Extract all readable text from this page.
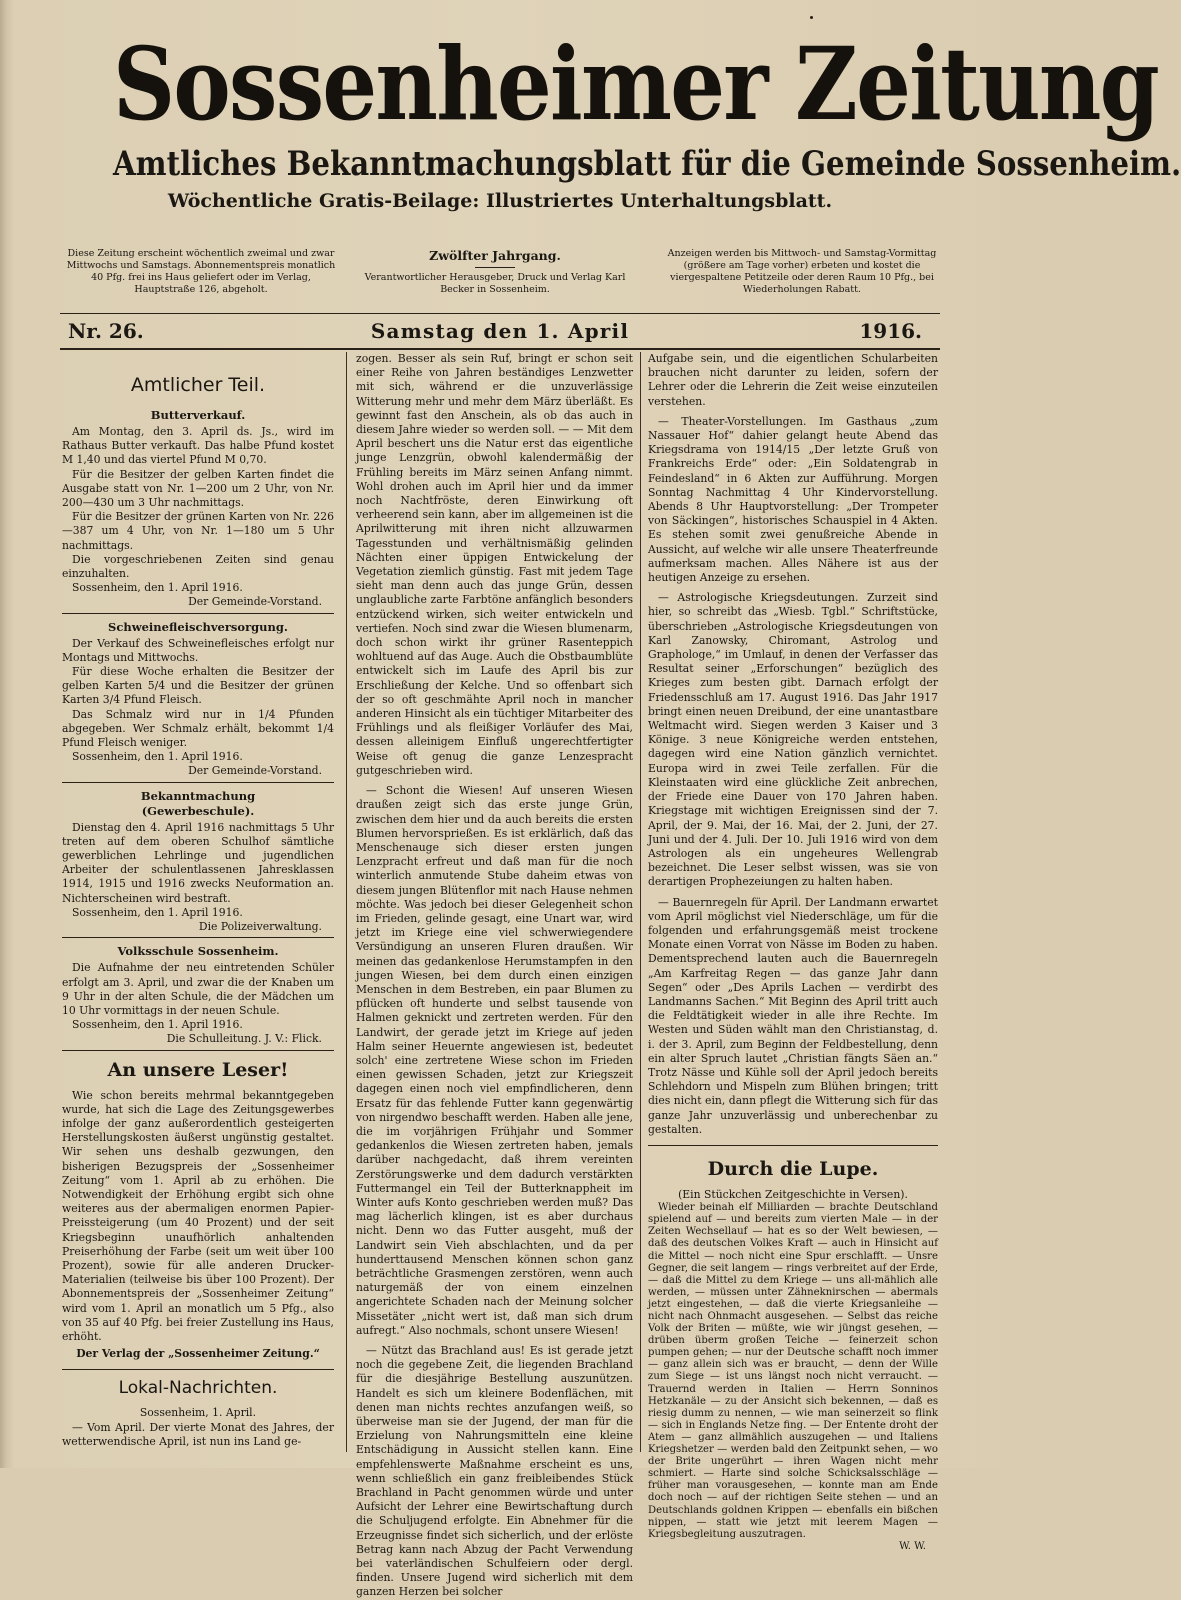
Sossenheimer Zeitung
Amtliches Bekanntmachungsblatt für die Gemeinde Sossenheim.
Wöchentliche Gratis-Beilage: Illustriertes Unterhaltungsblatt.
Diese Zeitung erscheint wöchentlich zweimal und zwar Mittwochs und Samstags. Abonnementspreis monatlich 40 Pfg. frei ins Haus geliefert oder im Verlag, Hauptstraße 126, abgeholt.
Zwölfter Jahrgang.
Verantwortlicher Herausgeber, Druck und Verlag Karl Becker in Sossenheim.
Anzeigen werden bis Mittwoch- und Samstag-Vormittag (größere am Tage vorher) erbeten und kostet die viergespaltene Petitzeile oder deren Raum 10 Pfg., bei Wiederholungen Rabatt.
Nr. 26.	Samstag den 1. April	1916.
Amtlicher Teil.
Butterverkauf.

Am Montag, den 3. April ds. Js., wird im Rathaus Butter verkauft. Das halbe Pfund kostet M 1,40 und das viertel Pfund M 0,70.

Für die Besitzer der gelben Karten findet die Ausgabe statt von Nr. 1—200 um 2 Uhr, von Nr. 200—430 um 3 Uhr nachmittags.

Für die Besitzer der grünen Karten von Nr. 226—387 um 4 Uhr, von Nr. 1—180 um 5 Uhr nachmittags.

Die vorgeschriebenen Zeiten sind genau einzuhalten.

Sossenheim, den 1. April 1916.

Der Gemeinde-Vorstand.
Schweinefleischversorgung.

Der Verkauf des Schweinefleisches erfolgt nur Montags und Mittwochs.

Für diese Woche erhalten die Besitzer der gelben Karten 5/4 und die Besitzer der grünen Karten 3/4 Pfund Fleisch.

Das Schmalz wird nur in 1/4 Pfunden abgegeben. Wer Schmalz erhält, bekommt 1/4 Pfund Fleisch weniger.

Sossenheim, den 1. April 1916.

Der Gemeinde-Vorstand.
Bekanntmachung
(Gewerbeschule).

Dienstag den 4. April 1916 nachmittags 5 Uhr treten auf dem oberen Schulhof sämtliche gewerblichen Lehrlinge und jugendlichen Arbeiter der schulentlassenen Jahresklassen 1914, 1915 und 1916 zwecks Neuformation an. Nichterscheinen wird bestraft.

Sossenheim, den 1. April 1916.

Die Polizeiverwaltung.
Volksschule Sossenheim.

Die Aufnahme der neu eintretenden Schüler erfolgt am 3. April, und zwar die der Knaben um 9 Uhr in der alten Schule, die der Mädchen um 10 Uhr vormittags in der neuen Schule.

Sossenheim, den 1. April 1916.

Die Schulleitung. J. V.: Flick.
An unsere Leser!

Wie schon bereits mehrmal bekanntgegeben wurde, hat sich die Lage des Zeitungsgewerbes infolge der ganz außerordentlich gesteigerten Herstellungskosten äußerst ungünstig gestaltet. Wir sehen uns deshalb gezwungen, den bisherigen Bezugspreis der „Sossenheimer Zeitung“ vom 1. April ab zu erhöhen. Die Notwendigkeit der Erhöhung ergibt sich ohne weiteres aus der abermaligen enormen Papier-Preissteigerung (um 40 Prozent) und der seit Kriegsbeginn unaufhörlich anhaltenden Preiserhöhung der Farbe (seit um weit über 100 Prozent), sowie für alle anderen Drucker-Materialien (teilweise bis über 100 Prozent). Der Abonnementspreis der „Sossenheimer Zeitung“ wird vom 1. April an monatlich um 5 Pfg., also von 35 auf 40 Pfg. bei freier Zustellung ins Haus, erhöht.

Der Verlag der „Sossenheimer Zeitung.“
Lokal-Nachrichten.
Sossenheim, 1. April.

— Vom April. Der vierte Monat des Jahres, der wetterwendische April, ist nun ins Land ge-

zogen. Besser als sein Ruf, bringt er schon seit einer Reihe von Jahren beständiges Lenzwetter mit sich, während er die unzuverlässige Witterung mehr und mehr dem März überläßt. Es gewinnt fast den Anschein, als ob das auch in diesem Jahre wieder so werden soll. — — Mit dem April beschert uns die Natur erst das eigentliche junge Lenzgrün, obwohl kalendermäßig der Frühling bereits im März seinen Anfang nimmt. Wohl drohen auch im April hier und da immer noch Nachtfröste, deren Einwirkung oft verheerend sein kann, aber im allgemeinen ist die Aprilwitterung mit ihren nicht allzuwarmen Tagesstunden und verhältnismäßig gelinden Nächten einer üppigen Entwickelung der Vegetation ziemlich günstig. Fast mit jedem Tage sieht man denn auch das junge Grün, dessen unglaubliche zarte Farbtöne anfänglich besonders entzückend wirken, sich weiter entwickeln und vertiefen. Noch sind zwar die Wiesen blumenarm, doch schon wirkt ihr grüner Rasenteppich wohltuend auf das Auge. Auch die Obstbaumblüte entwickelt sich im Laufe des April bis zur Erschließung der Kelche. Und so offenbart sich der so oft geschmähte April noch in mancher anderen Hinsicht als ein tüchtiger Mitarbeiter des Frühlings und als fleißiger Vorläufer des Mai, dessen alleinigem Einfluß ungerechtfertigter Weise oft genug die ganze Lenzespracht gutgeschrieben wird.

— Schont die Wiesen! Auf unseren Wiesen draußen zeigt sich das erste junge Grün, zwischen dem hier und da auch bereits die ersten Blumen hervorsprießen. Es ist erklärlich, daß das Menschenauge sich dieser ersten jungen Lenzpracht erfreut und daß man für die noch winterlich anmutende Stube daheim etwas von diesem jungen Blütenflor mit nach Hause nehmen möchte. Was jedoch bei dieser Gelegenheit schon im Frieden, gelinde gesagt, eine Unart war, wird jetzt im Kriege eine viel schwerwiegendere Versündigung an unseren Fluren draußen. Wir meinen das gedankenlose Herumstampfen in den jungen Wiesen, bei dem durch einen einzigen Menschen in dem Bestreben, ein paar Blumen zu pflücken oft hunderte und selbst tausende von Halmen geknickt und zertreten werden. Für den Landwirt, der gerade jetzt im Kriege auf jeden Halm seiner Heuernte angewiesen ist, bedeutet solch' eine zertretene Wiese schon im Frieden einen gewissen Schaden, jetzt zur Kriegszeit dagegen einen noch viel empfindlicheren, denn Ersatz für das fehlende Futter kann gegenwärtig von nirgendwo beschafft werden. Haben alle jene, die im vorjährigen Frühjahr und Sommer gedankenlos die Wiesen zertreten haben, jemals darüber nachgedacht, daß ihrem vereinten Zerstörungswerke und dem dadurch verstärkten Futtermangel ein Teil der Butterknappheit im Winter aufs Konto geschrieben werden muß? Das mag lächerlich klingen, ist es aber durchaus nicht. Denn wo das Futter ausgeht, muß der Landwirt sein Vieh abschlachten, und da per hunderttausend Menschen können schon ganz beträchtliche Grasmengen zerstören, wenn auch naturgemäß der von einem einzelnen angerichtete Schaden nach der Meinung solcher Missetäter „nicht wert ist, daß man sich drum aufregt.“ Also nochmals, schont unsere Wiesen!

— Nützt das Brachland aus! Es ist gerade jetzt noch die gegebene Zeit, die liegenden Brachland für die diesjährige Bestellung auszunützen. Handelt es sich um kleinere Bodenflächen, mit denen man nichts rechtes anzufangen weiß, so überweise man sie der Jugend, der man für die Erzielung von Nahrungsmitteln eine kleine Entschädigung in Aussicht stellen kann. Eine empfehlenswerte Maßnahme erscheint es uns, wenn schließlich ein ganz freibleibendes Stück Brachland in Pacht genommen würde und unter Aufsicht der Lehrer eine Bewirtschaftung durch die Schuljugend erfolgte. Ein Abnehmer für die Erzeugnisse findet sich sicherlich, und der erlöste Betrag kann nach Abzug der Pacht Verwendung bei vaterländischen Schulfeiern oder dergl. finden. Unsere Jugend wird sicherlich mit dem ganzen Herzen bei solcher

Aufgabe sein, und die eigentlichen Schularbeiten brauchen nicht darunter zu leiden, sofern der Lehrer oder die Lehrerin die Zeit weise einzuteilen verstehen.

— Theater-Vorstellungen. Im Gasthaus „zum Nassauer Hof“ dahier gelangt heute Abend das Kriegsdrama von 1914/15 „Der letzte Gruß von Frankreichs Erde“ oder: „Ein Soldatengrab in Feindesland“ in 6 Akten zur Aufführung. Morgen Sonntag Nachmittag 4 Uhr Kindervorstellung. Abends 8 Uhr Hauptvorstellung: „Der Trompeter von Säckingen“, historisches Schauspiel in 4 Akten. Es stehen somit zwei genußreiche Abende in Aussicht, auf welche wir alle unsere Theaterfreunde aufmerksam machen. Alles Nähere ist aus der heutigen Anzeige zu ersehen.

— Astrologische Kriegsdeutungen. Zurzeit sind hier, so schreibt das „Wiesb. Tgbl.“ Schriftstücke, überschrieben „Astrologische Kriegsdeutungen von Karl Zanowsky, Chiromant, Astrolog und Graphologe,“ im Umlauf, in denen der Verfasser das Resultat seiner „Erforschungen“ bezüglich des Krieges zum besten gibt. Darnach erfolgt der Friedensschluß am 17. August 1916. Das Jahr 1917 bringt einen neuen Dreibund, der eine unantastbare Weltmacht wird. Siegen werden 3 Kaiser und 3 Könige. 3 neue Königreiche werden entstehen, dagegen wird eine Nation gänzlich vernichtet. Europa wird in zwei Teile zerfallen. Für die Kleinstaaten wird eine glückliche Zeit anbrechen, der Friede eine Dauer von 170 Jahren haben. Kriegstage mit wichtigen Ereignissen sind der 7. April, der 9. Mai, der 16. Mai, der 2. Juni, der 27. Juni und der 4. Juli. Der 10. Juli 1916 wird von dem Astrologen als ein ungeheures Wellengrab bezeichnet. Die Leser selbst wissen, was sie von derartigen Prophezeiungen zu halten haben.

— Bauernregeln für April. Der Landmann erwartet vom April möglichst viel Niederschläge, um für die folgenden und erfahrungsgemäß meist trockene Monate einen Vorrat von Nässe im Boden zu haben. Dementsprechend lauten auch die Bauernregeln „Am Karfreitag Regen — das ganze Jahr dann Segen“ oder „Des Aprils Lachen — verdirbt des Landmanns Sachen.“ Mit Beginn des April tritt auch die Feldtätigkeit wieder in alle ihre Rechte. Im Westen und Süden wählt man den Christianstag, d. i. der 3. April, zum Beginn der Feldbestellung, denn ein alter Spruch lautet „Christian fängts Säen an.“ Trotz Nässe und Kühle soll der April jedoch bereits Schlehdorn und Mispeln zum Blühen bringen; tritt dies nicht ein, dann pflegt die Witterung sich für das ganze Jahr unzuverlässig und unberechenbar zu gestalten.

Durch die Lupe.
(Ein Stückchen Zeitgeschichte in Versen).

Wieder beinah elf Milliarden — brachte Deutschland spielend auf — und bereits zum vierten Male — in der Zeiten Wechsellauf — hat es so der Welt bewiesen, — daß des deutschen Volkes Kraft — auch in Hinsicht auf die Mittel — noch nicht eine Spur erschlafft. — Unsre Gegner, die seit langem — rings verbreitet auf der Erde, — daß die Mittel zu dem Kriege — uns all-mählich alle werden, — müssen unter Zähneknirschen — abermals jetzt eingestehen, — daß die vierte Kriegsanleihe — nicht nach Ohnmacht ausgesehen. — Selbst das reiche Volk der Briten — müßte, wie wir jüngst gesehen, — drüben überm großen Teiche — feinerzeit schon pumpen gehen; — nur der Deutsche schafft noch immer — ganz allein sich was er braucht, — denn der Wille zum Siege — ist uns längst noch nicht verraucht. — Trauernd werden in Italien — Herrn Sonninos Hetzkanäle — zu der Ansicht sich bekennen, — daß es riesig dumm zu nennen, — wie man seinerzeit so flink — sich in Englands Netze fing. — Der Entente droht der Atem — ganz allmählich auszugehen — und Italiens Kriegshetzer — werden bald den Zeitpunkt sehen, — wo der Brite ungerührt — ihren Wagen nicht mehr schmiert. — Harte sind solche Schicksalsschläge — früher man vorausgesehen, — konnte man am Ende doch noch — auf der richtigen Seite stehen — und an Deutschlands goldnen Krippen — ebenfalls ein bißchen nippen, — statt wie jetzt mit leerem Magen — Kriegsbegleitung auszutragen.

W. W.
